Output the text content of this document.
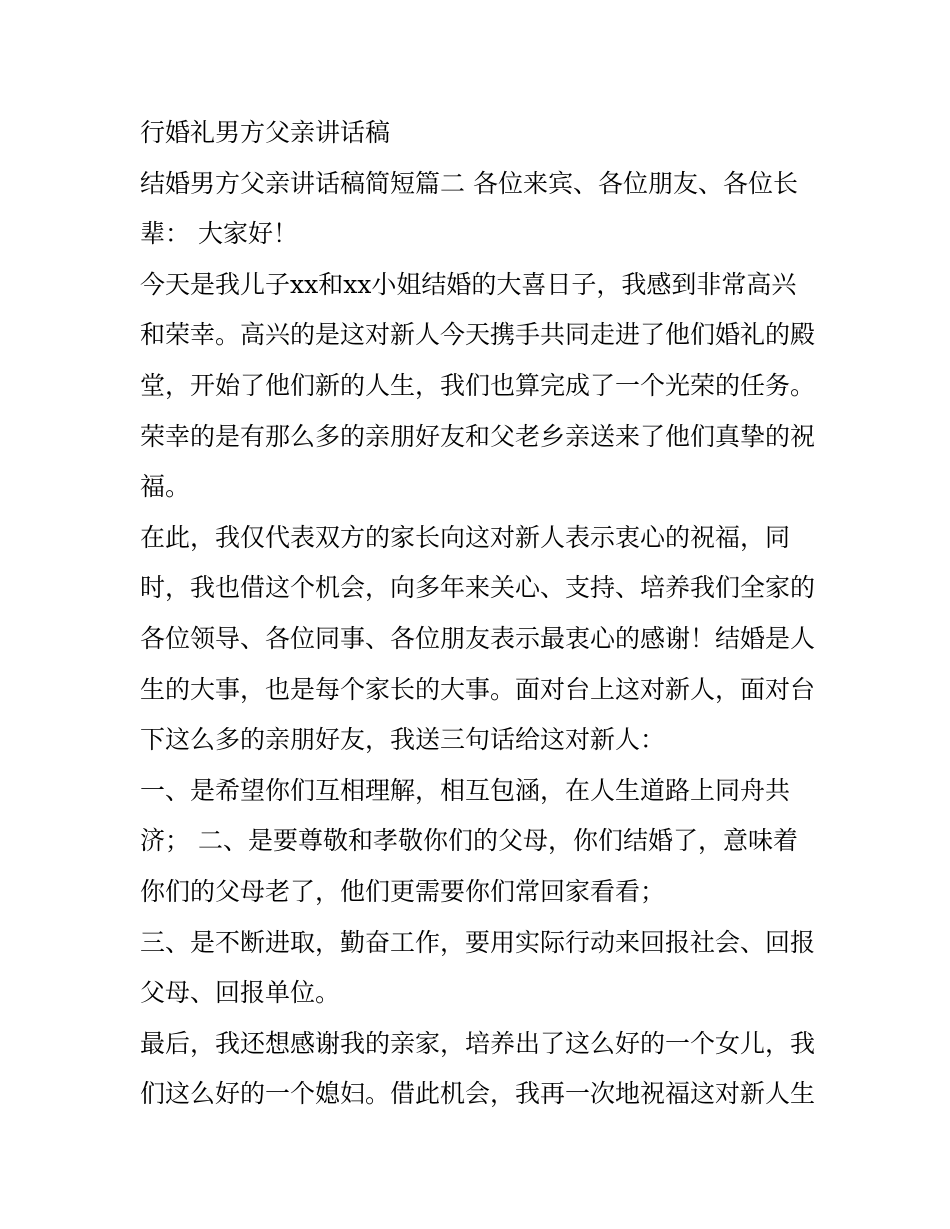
行婚礼男方父亲讲话稿

结婚男方父亲讲话稿简短篇二 各位来宾、各位朋友、各位长辈： 大家好！

今天是我儿子xx和xx小姐结婚的大喜日子，我感到非常高兴和荣幸。高兴的是这对新人今天携手共同走进了他们婚礼的殿堂，开始了他们新的人生，我们也算完成了一个光荣的任务。荣幸的是有那么多的亲朋好友和父老乡亲送来了他们真挚的祝福。

在此，我仅代表双方的家长向这对新人表示衷心的祝福，同时，我也借这个机会，向多年来关心、支持、培养我们全家的各位领导、各位同事、各位朋友表示最衷心的感谢！结婚是人生的大事，也是每个家长的大事。面对台上这对新人，面对台下这么多的亲朋好友，我送三句话给这对新人：

一、是希望你们互相理解，相互包涵，在人生道路上同舟共济； 二、是要尊敬和孝敬你们的父母，你们结婚了，意味着你们的父母老了，他们更需要你们常回家看看；

三、是不断进取，勤奋工作，要用实际行动来回报社会、回报父母、回报单位。

最后，我还想感谢我的亲家，培养出了这么好的一个女儿，我们这么好的一个媳妇。借此机会，我再一次地祝福这对新人生
